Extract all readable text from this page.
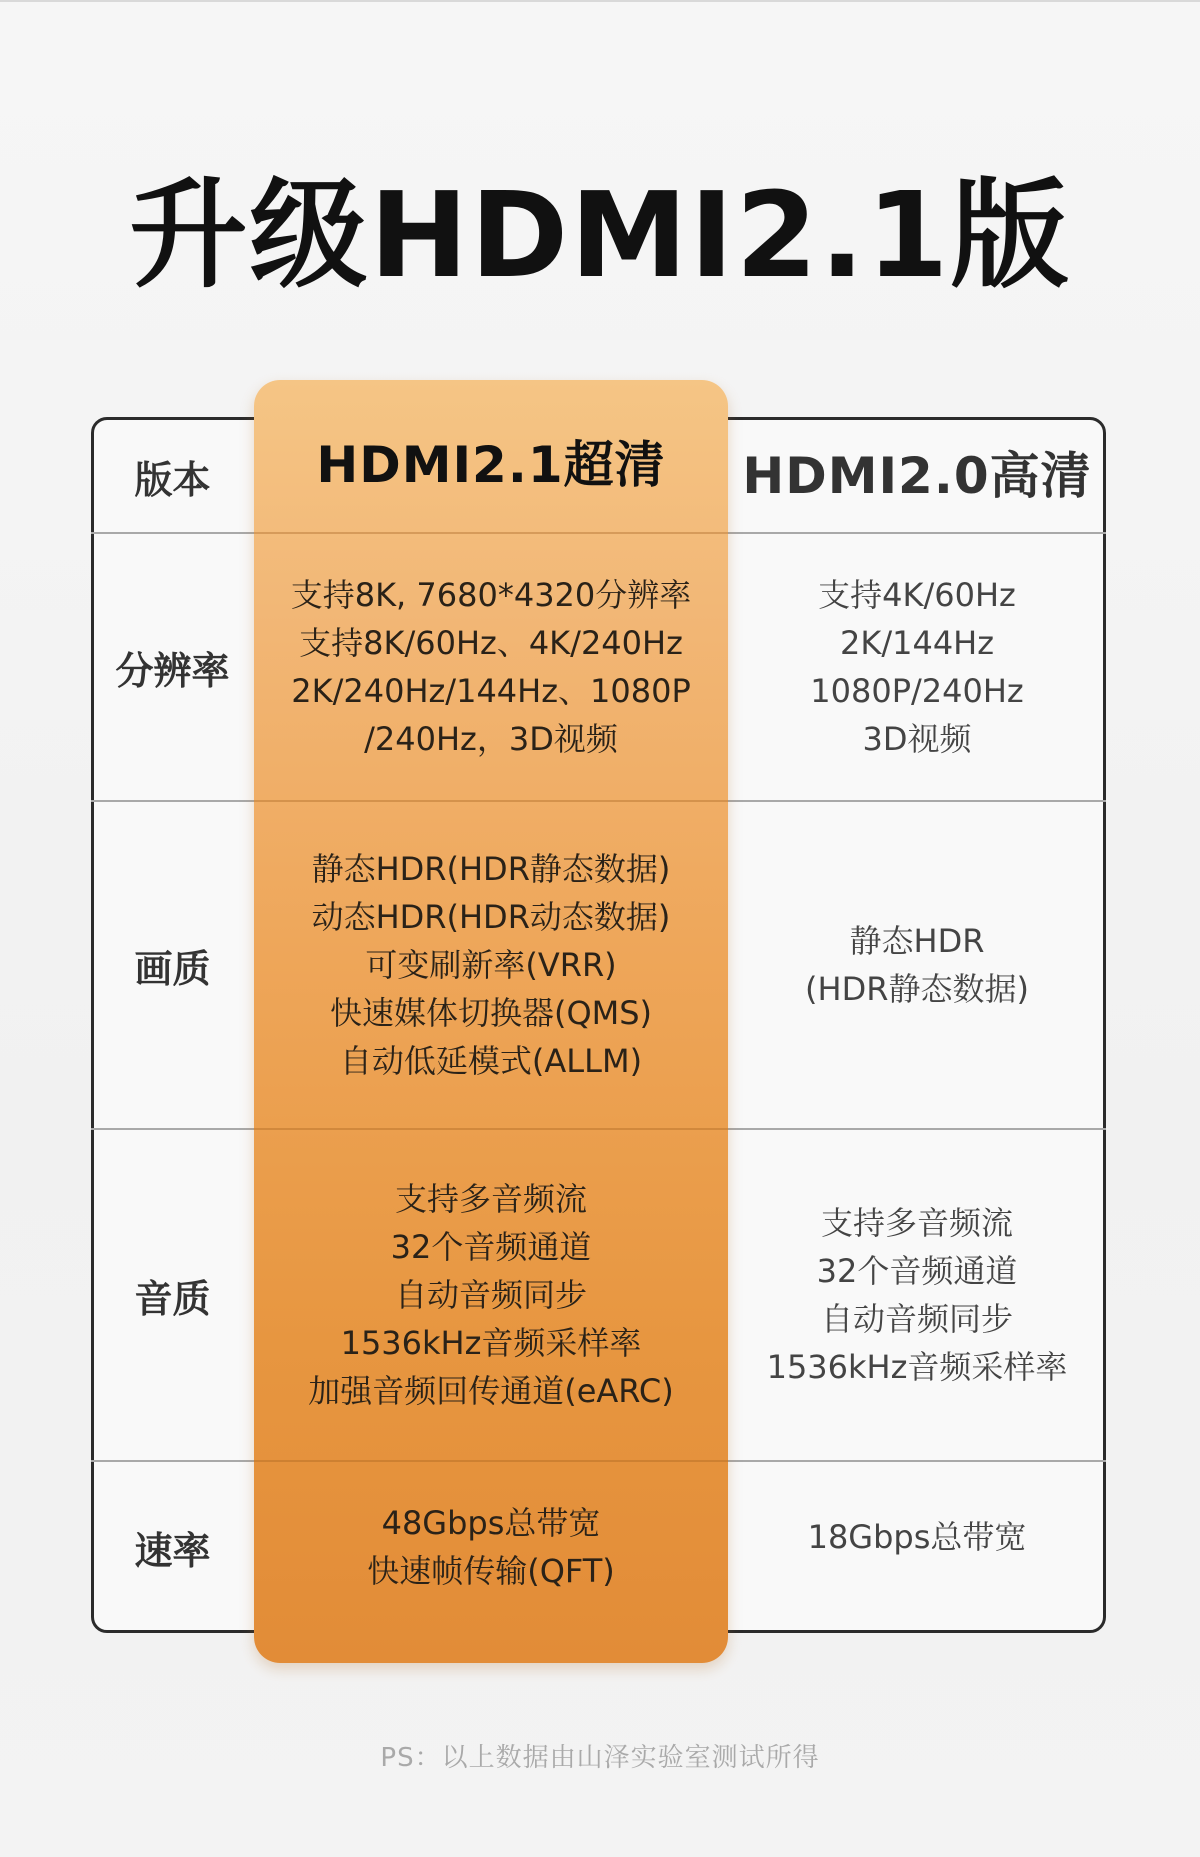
升级HDMI2.1版
版本	HDMI2.1超清	HDMI2.0高清
分辨率
支持8K, 7680*4320分辨率
支持8K/60Hz、4K/240Hz
2K/240Hz/144Hz、1080P
/240Hz，3D视频
支持4K/60Hz
2K/144Hz
1080P/240Hz
3D视频
画质
静态HDR(HDR静态数据)
动态HDR(HDR动态数据)
可变刷新率(VRR)
快速媒体切换器(QMS)
自动低延模式(ALLM)
静态HDR
(HDR静态数据)
音质
支持多音频流
32个音频通道
自动音频同步
1536kHz音频采样率
加强音频回传通道(eARC)
支持多音频流
32个音频通道
自动音频同步
1536kHz音频采样率
速率
48Gbps总带宽
快速帧传输(QFT)
18Gbps总带宽
PS：以上数据由山泽实验室测试所得
